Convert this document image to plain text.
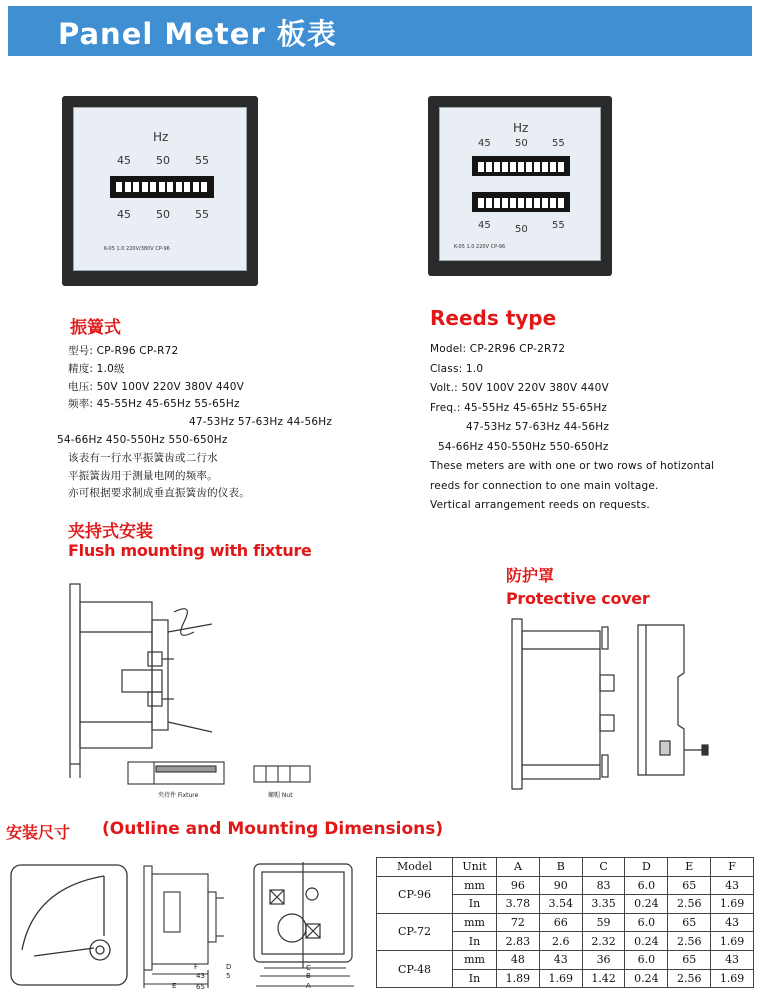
Panel Meter 板表
Hz
45 50 55
45 50 55
K-05 1.0 220V/380V CP-96
Hz
45 50 55
45 50 55
K-05 1.0 220V CP-96
振簧式
型号: CP-R96 CP-R72
精度: 1.0级
电压: 50V 100V 220V 380V 440V
频率: 45-55Hz 45-65Hz 55-65Hz
47-53Hz 57-63Hz 44-56Hz
54-66Hz 450-550Hz 550-650Hz
该表有一行水平振簧齿或二行水
平振簧齿用于测量电网的频率。
亦可根据要求制成垂直振簧齿的仪表。
Reeds type
Model: CP-2R96 CP-2R72
Class: 1.0
Volt.: 50V 100V 220V 380V 440V
Freq.: 45-55Hz 45-65Hz 55-65Hz
47-53Hz 57-63Hz 44-56Hz
54-66Hz 450-550Hz 550-650Hz
These meters are with one or two rows of hotizontal
reeds for connection to one main voltage.
Vertical arrangement reeds on requests.
夹持式安装
Flush mounting with fixture
夹持件 Fixture	螺帽 Nut
防护罩
Protective cover
安装尺寸 (Outline and Mounting Dimensions)
F
43
E	65
D
5
C
B
A
Model	Unit	A	B	C	D	E	F
CP-96	mm	96	90	83	6.0	65	43
	In	3.78	3.54	3.35	0.24	2.56	1.69
CP-72	mm	72	66	59	6.0	65	43
	In	2.83	2.6	2.32	0.24	2.56	1.69
CP-48	mm	48	43	36	6.0	65	43
	In	1.89	1.69	1.42	0.24	2.56	1.69
